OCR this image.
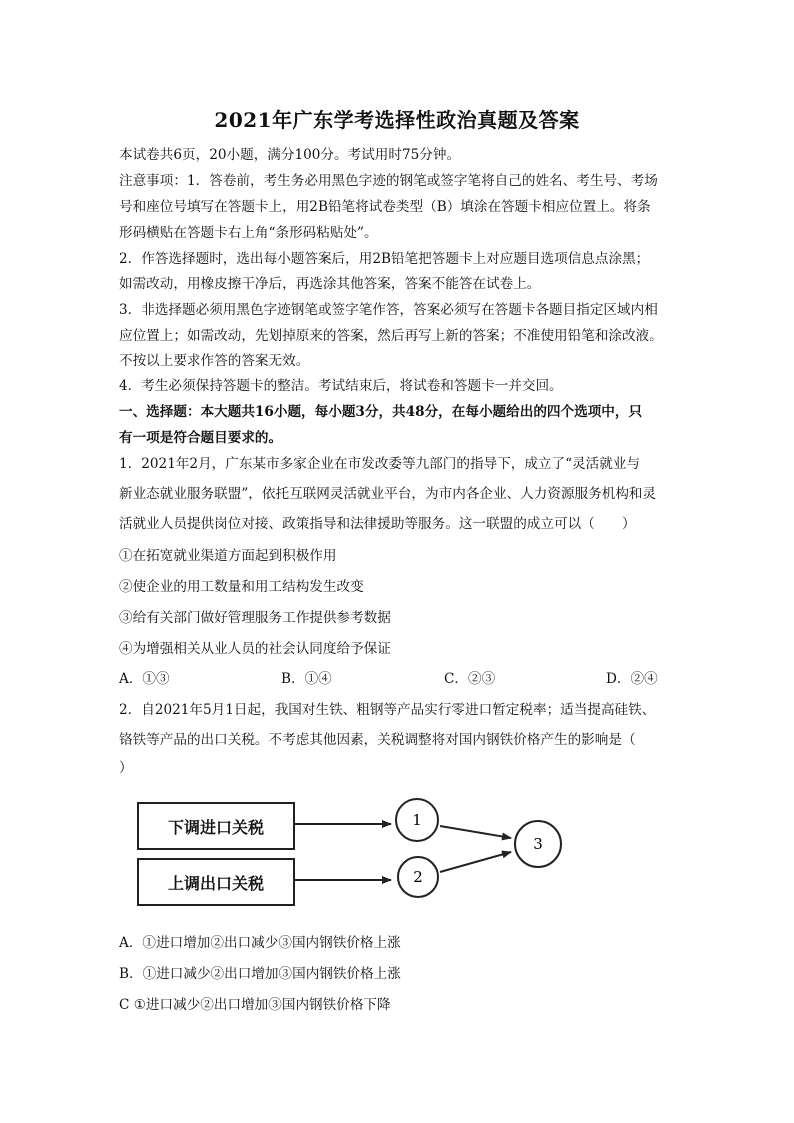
2021年广东学考选择性政治真题及答案
本试卷共6页，20小题，满分100分。考试用时75分钟。
注意事项：1．答卷前，考生务必用黑色字迹的钢笔或签字笔将自己的姓名、考生号、考场
号和座位号填写在答题卡上，用2B铅笔将试卷类型（B）填涂在答题卡相应位置上。将条
形码横贴在答题卡右上角“条形码粘贴处”。
2．作答选择题时，选出每小题答案后，用2B铅笔把答题卡上对应题目选项信息点涂黑；
如需改动，用橡皮擦干净后，再选涂其他答案，答案不能答在试卷上。
3．非选择题必须用黑色字迹钢笔或签字笔作答，答案必须写在答题卡各题目指定区域内相
应位置上；如需改动，先划掉原来的答案，然后再写上新的答案；不准使用铅笔和涂改液。
不按以上要求作答的答案无效。
4．考生必须保持答题卡的整洁。考试结束后，将试卷和答题卡一并交回。
一、选择题：本大题共16小题，每小题3分，共48分，在每小题给出的四个选项中，只
有一项是符合题目要求的。
1．2021年2月，广东某市多家企业在市发改委等九部门的指导下，成立了“灵活就业与
新业态就业服务联盟”，依托互联网灵活就业平台，为市内各企业、人力资源服务机构和灵
活就业人员提供岗位对接、政策指导和法律援助等服务。这一联盟的成立可以（　　）
①在拓宽就业渠道方面起到积极作用
②使企业的用工数量和用工结构发生改变
③给有关部门做好管理服务工作提供参考数据
④为增强相关从业人员的社会认同度给予保证
A．①③	B．①④	C．②③	D．②④
2．自2021年5月1日起，我国对生铁、粗钢等产品实行零进口暂定税率；适当提高硅铁、
铬铁等产品的出口关税。不考虑其他因素，关税调整将对国内钢铁价格产生的影响是（
）
1
2
3
下调进口关税
上调出口关税
A．①进口增加②出口减少③国内钢铁价格上涨
B．①进口减少②出口增加③国内钢铁价格上涨
C ①进口减少②出口增加③国内钢铁价格下降
